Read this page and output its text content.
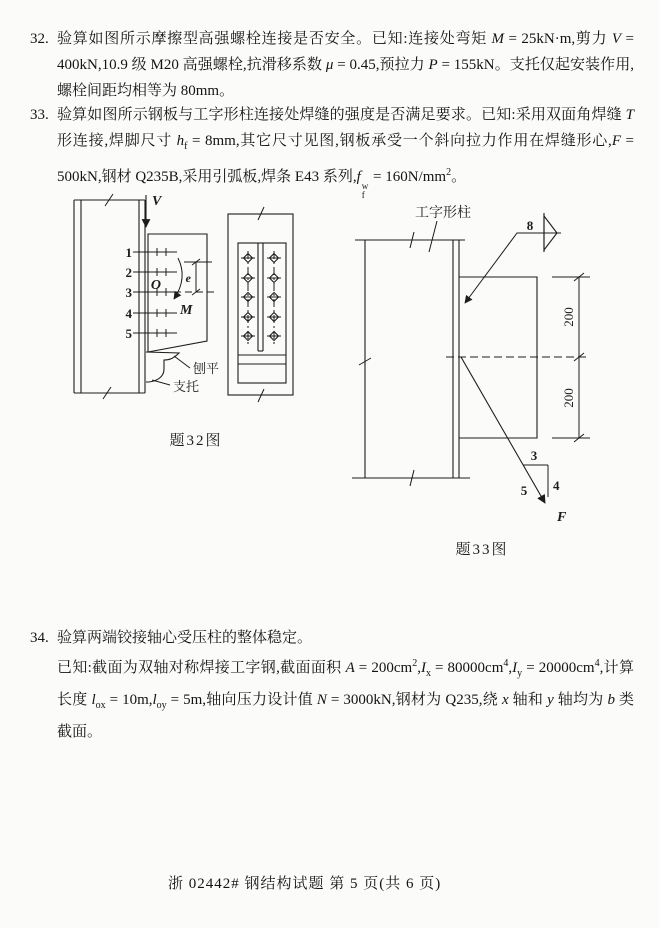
32. 验算如图所示摩擦型高强螺栓连接是否安全。已知:连接处弯矩 M = 25kN·m,剪力 V = 400kN,10.9 级 M20 高强螺栓,抗滑移系数 μ = 0.45,预拉力 P = 155kN。支托仅起安装作用,螺栓间距均相等为 80mm。
33. 验算如图所示钢板与工字形柱连接处焊缝的强度是否满足要求。已知:采用双面角焊缝 T 形连接,焊脚尺寸 $h_f = 8mm$,其它尺寸见图,钢板承受一个斜向拉力作用在焊缝形心,F = 500kN,钢材 Q235B,采用引弧板,焊条 E43 系列,f
w
f
= $160N/mm^2$。
V
1
2
3
4
5
O e
M
刨平
支托
题32图
工字形柱
200
200
8
3
4
5
F
题33图
34. 验算两端铰接轴心受压柱的整体稳定。

已知:截面为双轴对称焊接工字钢,截面面积 $A = 200cm^2,I_x = 80000cm^4,I_y = 20000cm^4$,计算长度 $l_{ox} = 10m,l_{oy} = 5m$,轴向压力设计值 N = 3000kN,钢材为 Q235,绕 x 轴和 y 轴均为 b 类截面。

浙 02442# 钢结构试题 第 5 页(共 6 页)
